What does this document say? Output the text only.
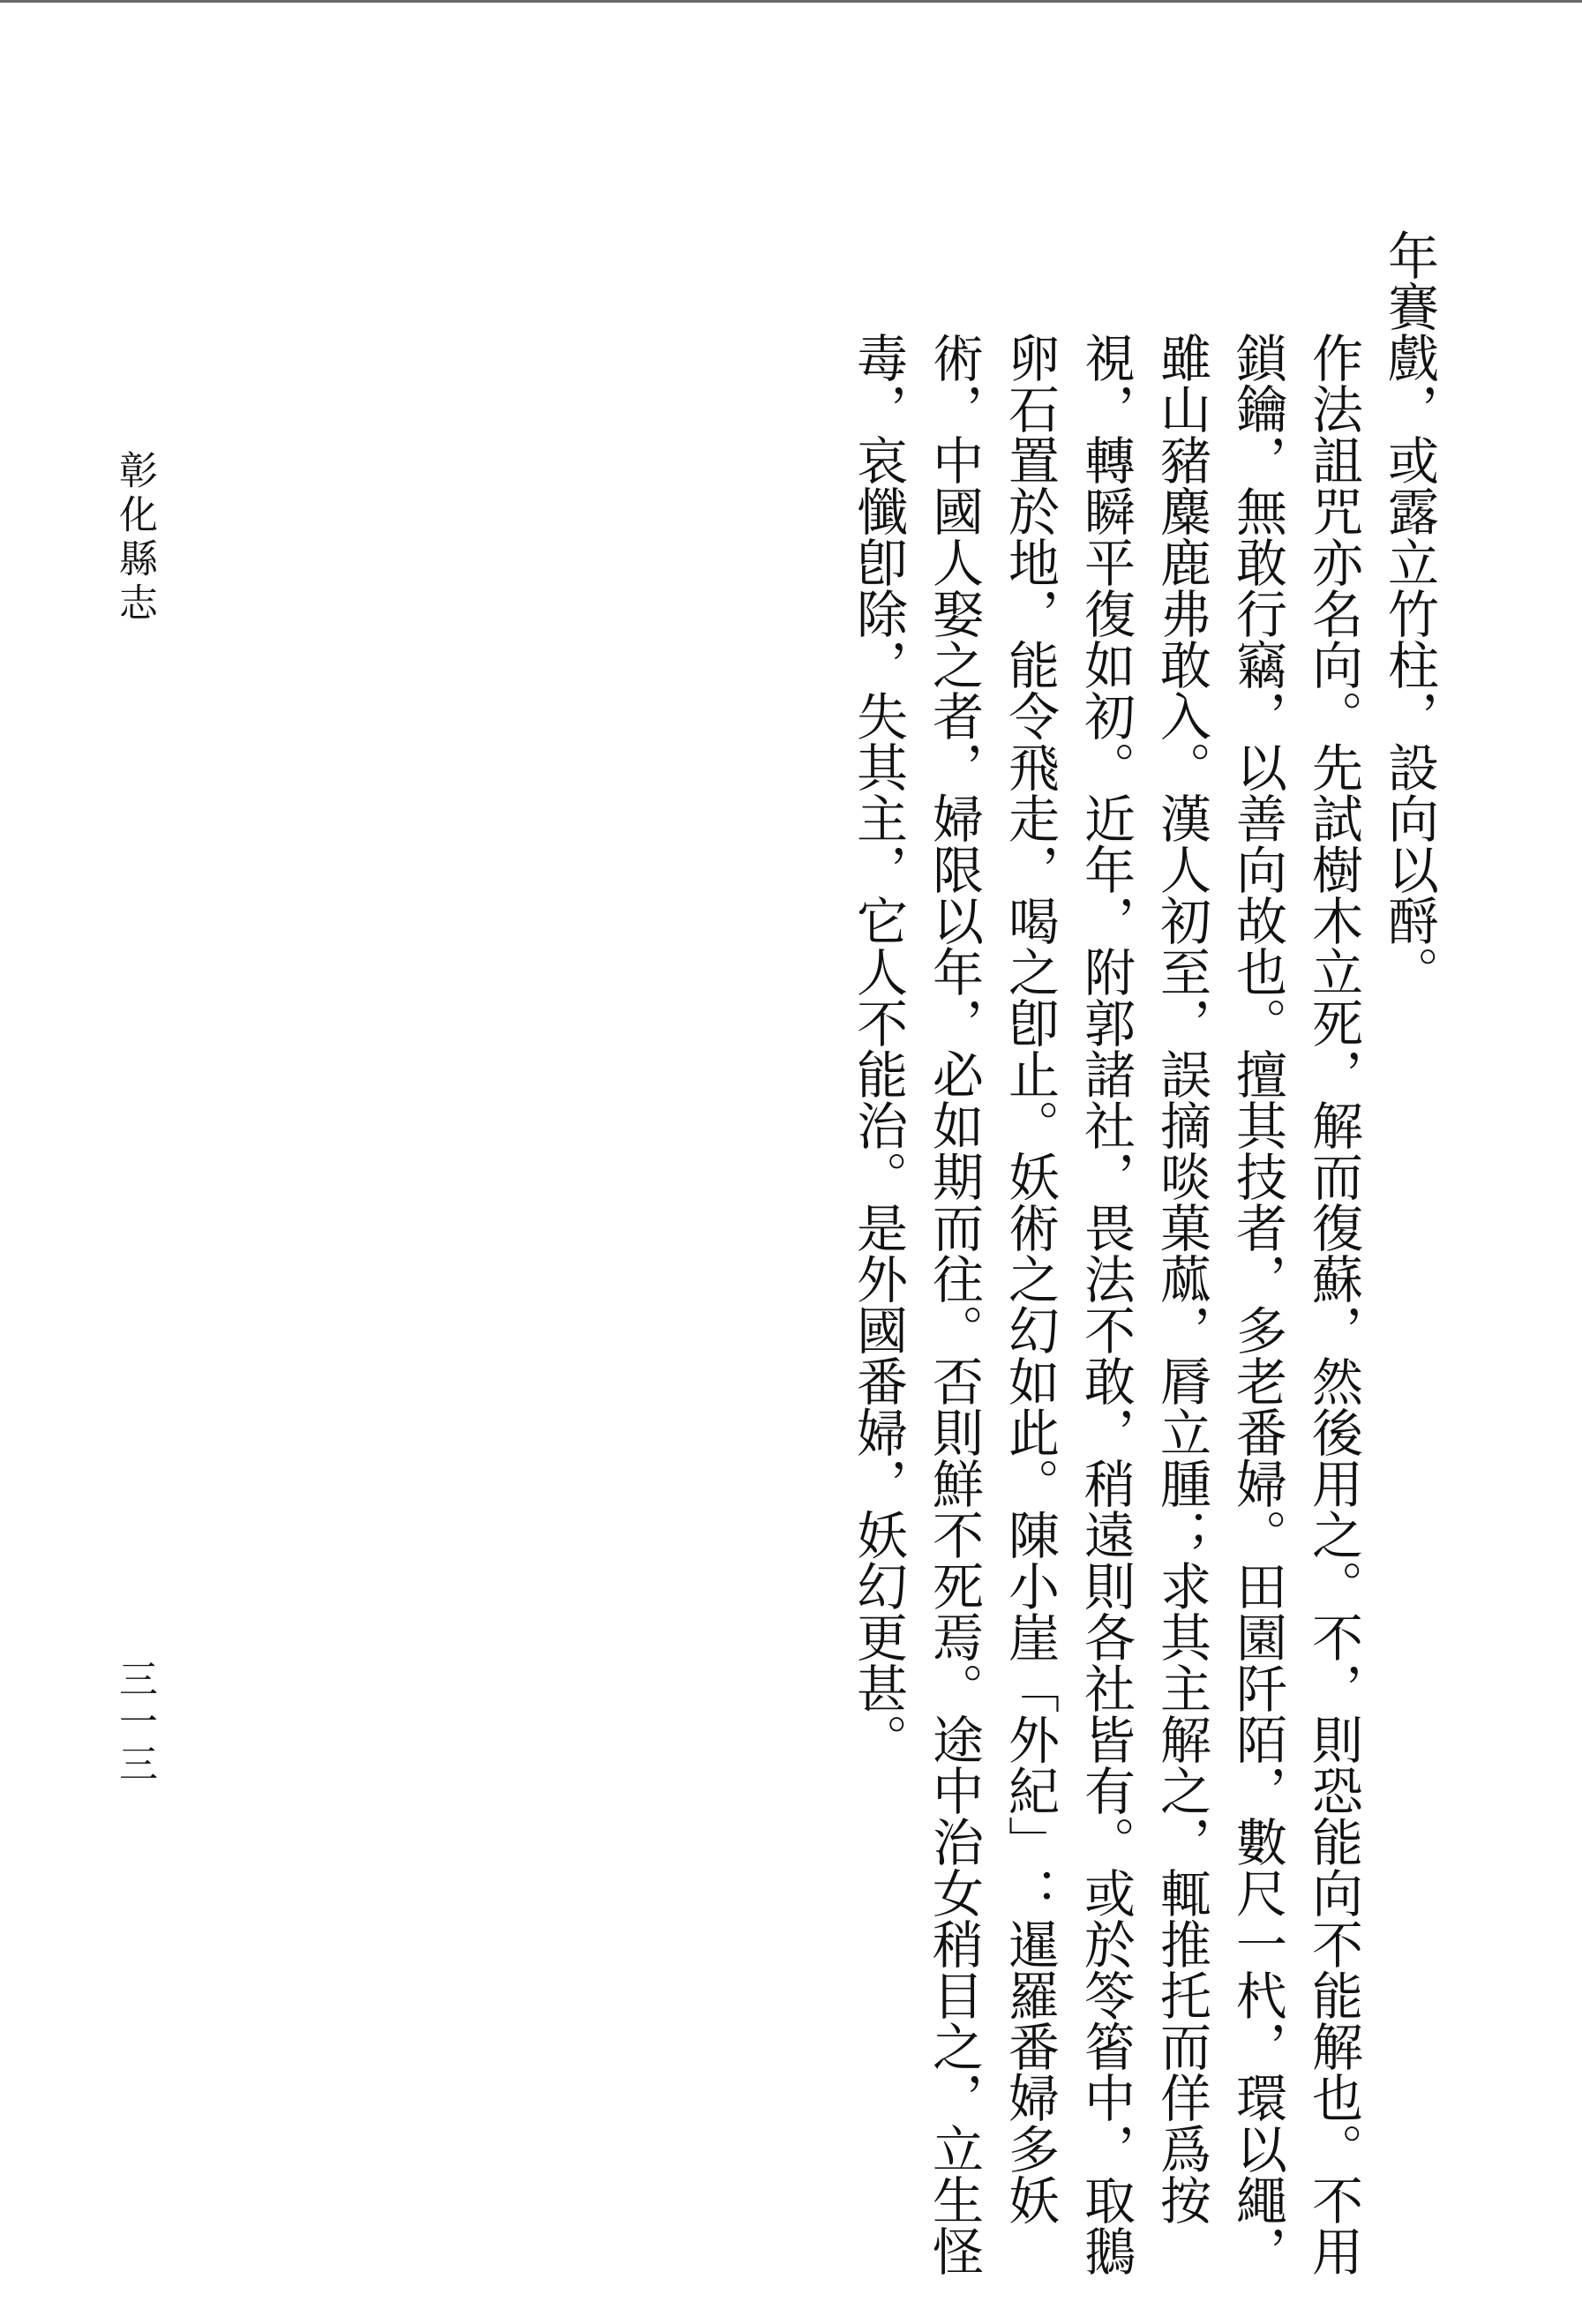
年賽戲，或露立竹柱，設向以酹。

作法詛咒亦名向。先試樹木立死，解而復蘇，然後用之。不，則恐能向不能解也。不用鎖鑰，無敢行竊，以善向故也。擅其技者，多老番婦。田園阡陌，數尺一杙，環以繩，雖山豬麋鹿弗敢入。漢人初至，誤摘啖菓蓏，脣立腫；求其主解之，輒推托而佯爲按視，轉瞬平復如初。近年，附郭諸社，畏法不敢，稍遠則各社皆有。或於笭箵中，取鵝卵石置於地，能令飛走，喝之卽止。妖術之幻如此。陳小崖「外紀」：暹羅番婦多妖術，中國人娶之者，婦限以年，必如期而往。否則鮮不死焉。途中治女稍目之，立生怪毒，哀懺卽除，失其主，它人不能治。是外國番婦，妖幻更甚。

彰化縣志
三一三
